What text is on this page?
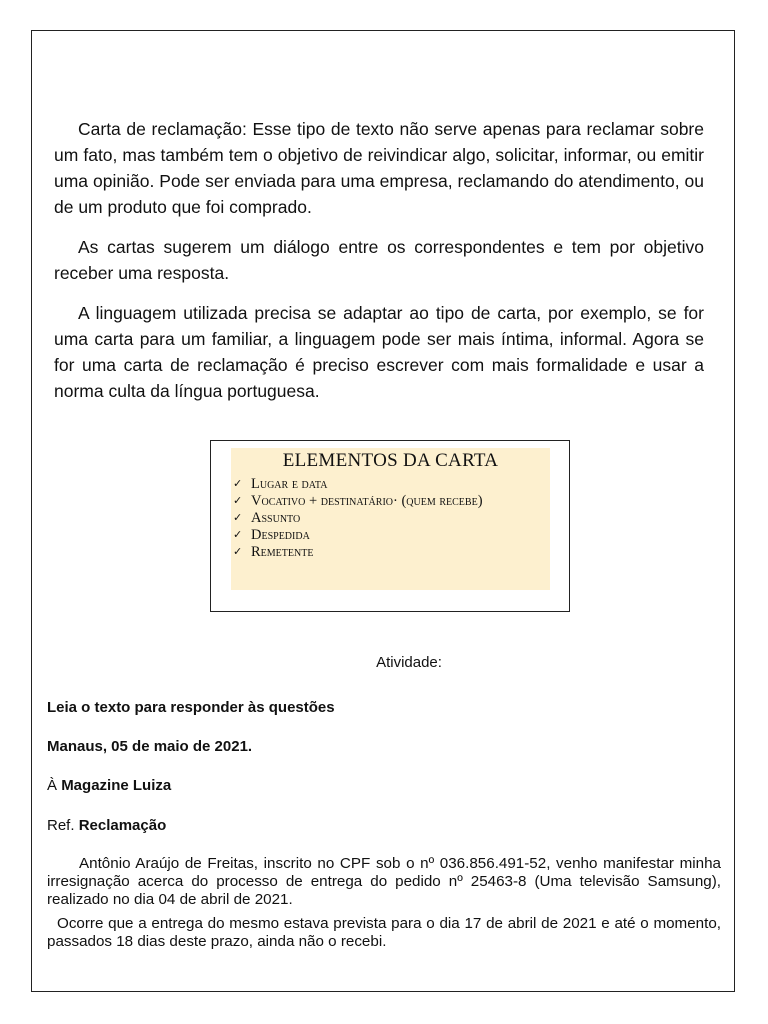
Carta de reclamação: Esse tipo de texto não serve apenas para reclamar sobre um fato, mas também tem o objetivo de reivindicar algo, solicitar, informar, ou emitir uma opinião. Pode ser enviada para uma empresa, reclamando do atendimento, ou de um produto que foi comprado.

As cartas sugerem um diálogo entre os correspondentes e tem por objetivo receber uma resposta.

A linguagem utilizada precisa se adaptar ao tipo de carta, por exemplo, se for uma carta para um familiar, a linguagem pode ser mais íntima, informal. Agora se for uma carta de reclamação é preciso escrever com mais formalidade e usar a norma culta da língua portuguesa.

ELEMENTOS DA CARTA
✓ Lugar e data
✓ Vocativo + destinatário· (quem recebe)
✓ Assunto
✓ Despedida
✓ Remetente
Atividade:
Leia o texto para responder às questões
Manaus, 05 de maio de 2021.
À Magazine Luiza
Ref. Reclamação

Antônio Araújo de Freitas, inscrito no CPF sob o nº 036.856.491-52, venho manifestar minha irresignação acerca do processo de entrega do pedido nº 25463-8 (Uma televisão Samsung), realizado no dia 04 de abril de 2021.

Ocorre que a entrega do mesmo estava prevista para o dia 17 de abril de 2021 e até o momento, passados 18 dias deste prazo, ainda não o recebi.
